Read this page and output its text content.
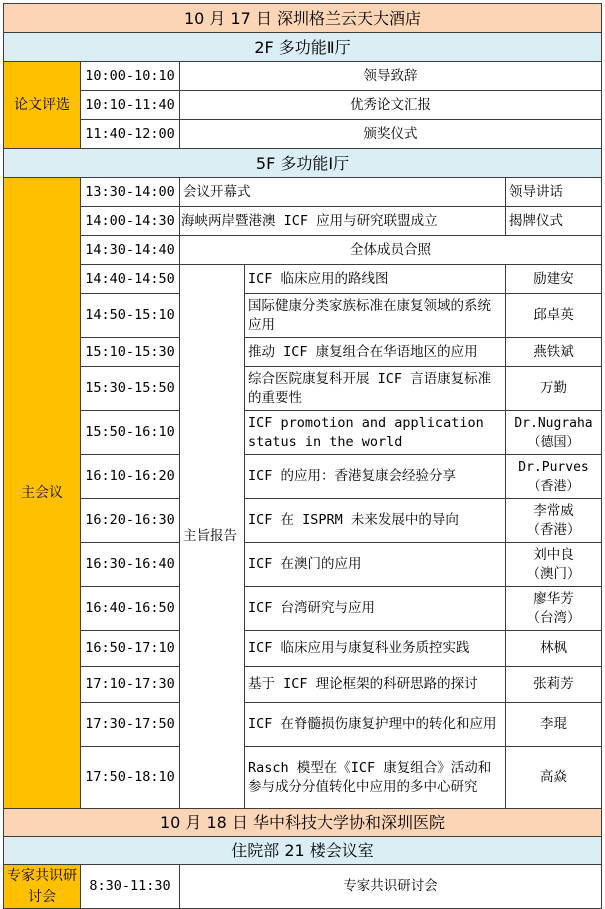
10 月 17 日 深圳格兰云天大酒店				
2F 多功能Ⅱ厅				
论文评选	10:00-10:10	领导致辞		
	10:10-11:40	优秀论文汇报		
	11:40-12:00	颁奖仪式		
5F 多功能Ⅰ厅				
主会议	13:30-14:00	会议开幕式		领导讲话
	14:00-14:30	海峡两岸暨港澳 ICF 应用与研究联盟成立		揭牌仪式
	14:30-14:40	全体成员合照		
	14:40-14:50	主旨报告	ICF 临床应用的路线图	励建安
	14:50-15:10		国际健康分类家族标准在康复领域的系统应用	邱卓英
	15:10-15:30		推动 ICF 康复组合在华语地区的应用	燕铁斌
	15:30-15:50		综合医院康复科开展 ICF 言语康复标准的重要性	万勤
	15:50-16:10		ICF promotion and application status in the world	Dr.Nugraha
（德国）
	16:10-16:20		ICF 的应用：香港复康会经验分享	Dr.Purves
（香港）
	16:20-16:30		ICF 在 ISPRM 未来发展中的导向	李常威
（香港）
	16:30-16:40		ICF 在澳门的应用	刘中良
（澳门）
	16:40-16:50		ICF 台湾研究与应用	廖华芳
（台湾）
	16:50-17:10		ICF 临床应用与康复科业务质控实践	林枫
	17:10-17:30		基于 ICF 理论框架的科研思路的探讨	张莉芳
	17:30-17:50		ICF 在脊髓损伤康复护理中的转化和应用	李琨
	17:50-18:10		Rasch 模型在《ICF 康复组合》活动和参与成分分值转化中应用的多中心研究	高焱
10 月 18 日 华中科技大学协和深圳医院				
住院部 21 楼会议室				
专家共识研讨会	8:30-11:30	专家共识研讨会		
